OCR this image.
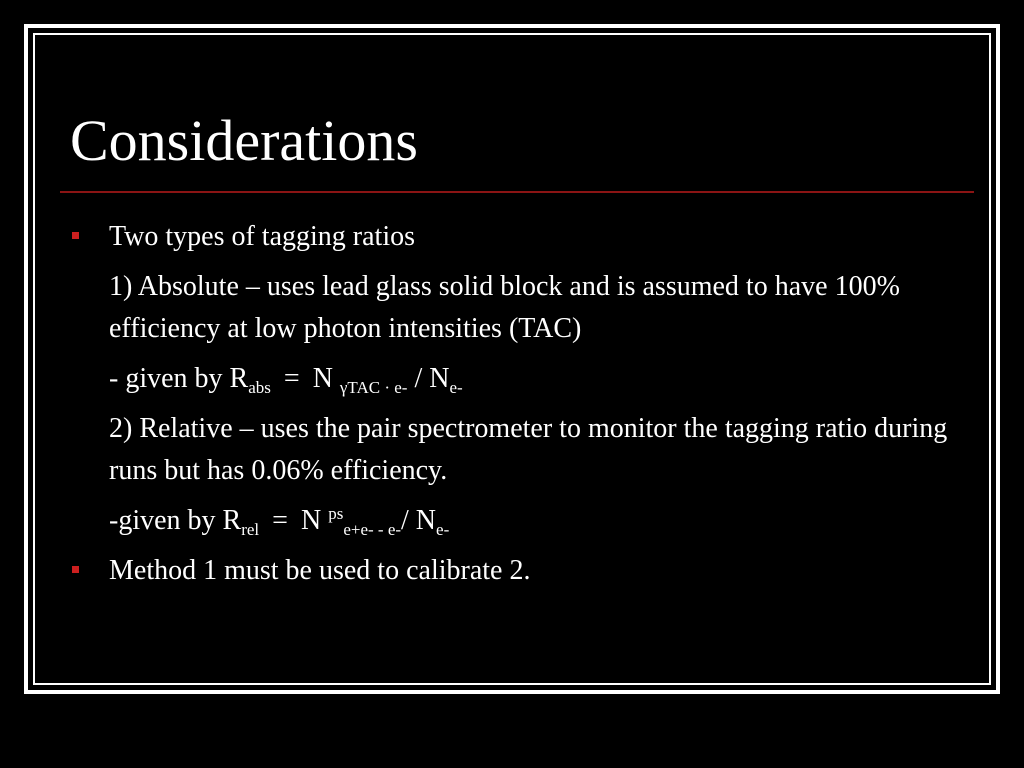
Considerations
Two types of tagging ratios
1) Absolute – uses lead glass solid block and is assumed to have 100% efficiency at low photon intensities (TAC)
- given by $R_{abs} = N$ $_{\gamma TAC \cdot e-} / N_{e-}$
2) Relative – uses the pair spectrometer to monitor the tagging ratio during runs but has 0.06% efficiency.
-given by $R_{rel} = N$ $^{ps}_{e+e- - e-}$/ $N_{e-}$
Method 1 must be used to calibrate 2.
